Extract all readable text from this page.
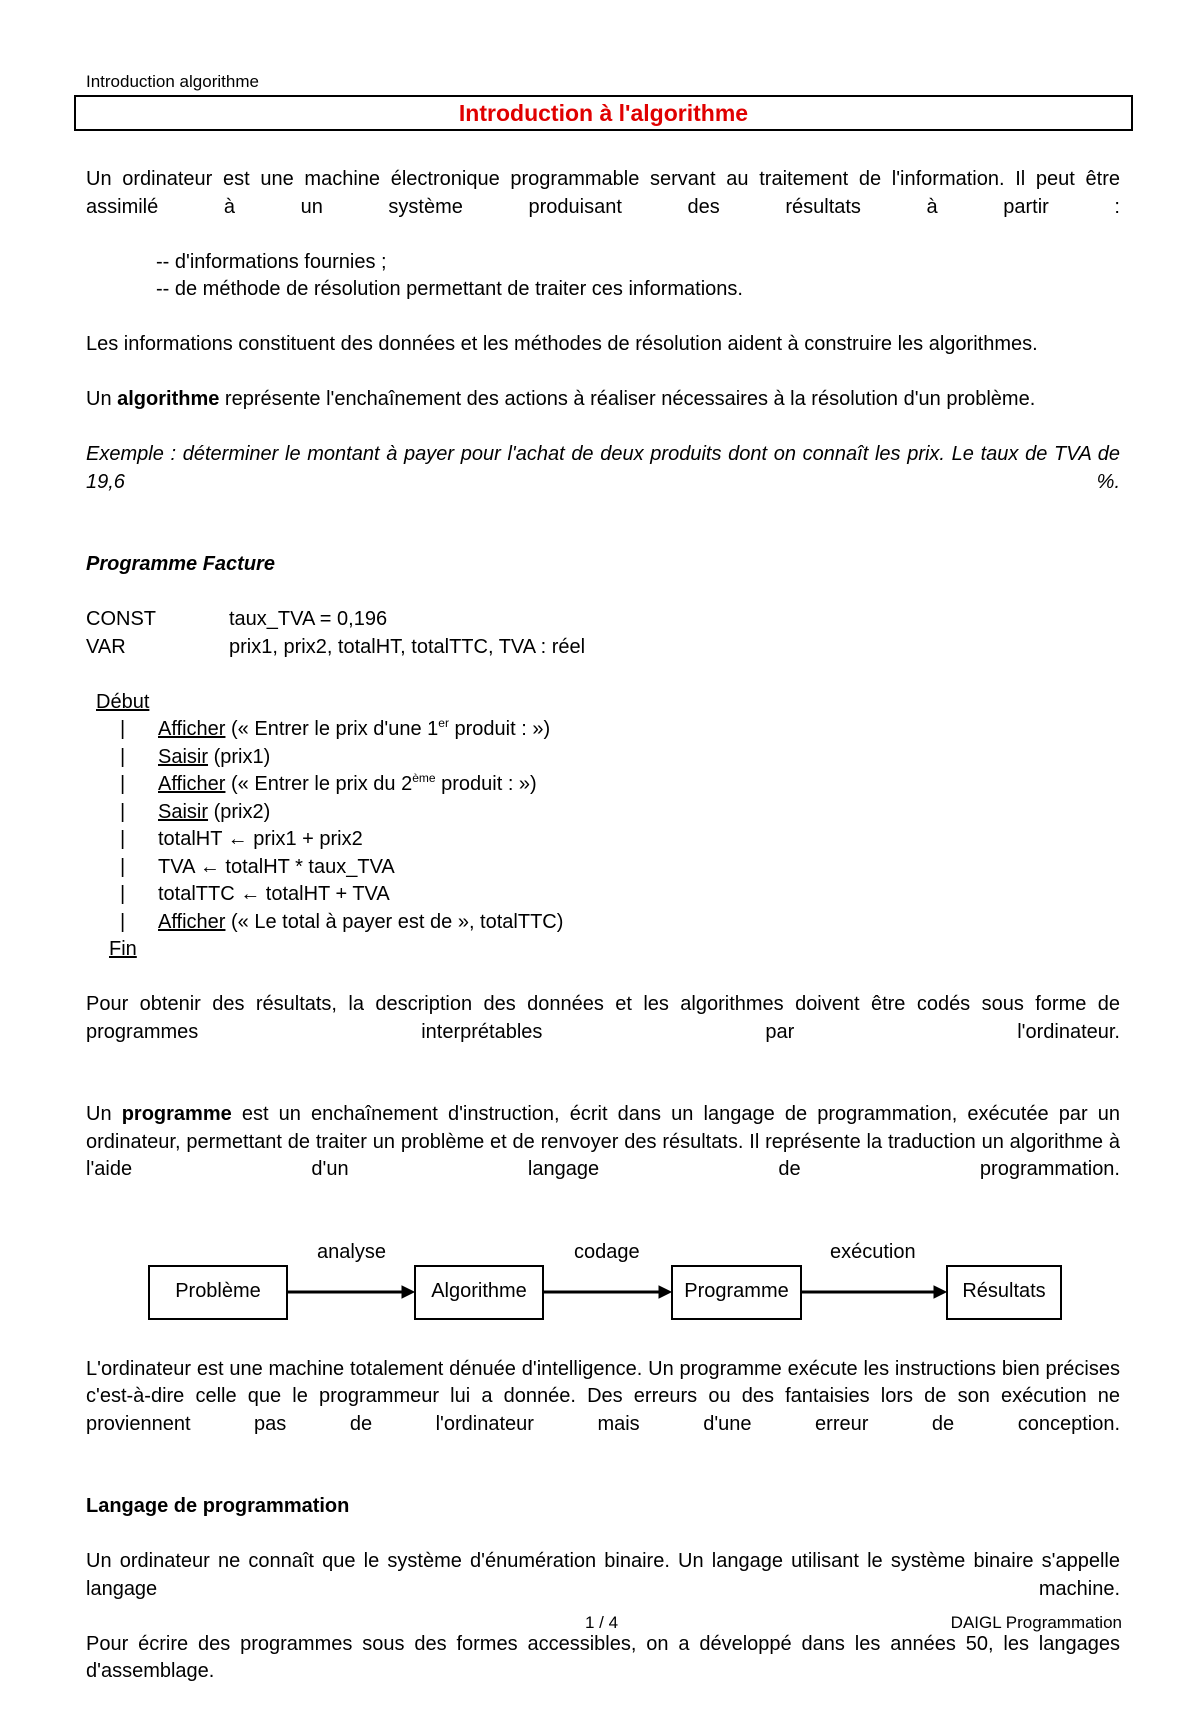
Introduction algorithme
Introduction à l'algorithme

Un ordinateur est une machine électronique programmable servant au traitement de l'information. Il peut être assimilé à un système produisant des résultats à partir :

-- d'informations fournies ;

-- de méthode de résolution permettant de traiter ces informations.

Les informations constituent des données et les méthodes de résolution aident à construire les algorithmes.

Un algorithme représente l'enchaînement des actions à réaliser nécessaires à la résolution d'un problème.

Exemple : déterminer le montant à payer pour l'achat de deux produits dont on connaît les prix. Le taux de TVA de 19,6 %.

Programme Facture

CONST	taux_TVA = 0,196
VAR	prix1, prix2, totalHT, totalTTC, TVA : réel

Début

|	Afficher (« Entrer le prix d'une 1er produit : »)
|	Saisir (prix1)
|	Afficher (« Entrer le prix du 2ème produit : »)
|	Saisir (prix2)
|	totalHT ← prix1 + prix2
|	TVA ← totalHT * taux_TVA
|	totalTTC ← totalHT + TVA
|	Afficher (« Le total à payer est de », totalTTC)

Fin

Pour obtenir des résultats, la description des données et les algorithmes doivent être codés sous forme de programmes interprétables par l'ordinateur.

Un programme est un enchaînement d'instruction, écrit dans un langage de programmation, exécutée par un ordinateur, permettant de traiter un problème et de renvoyer des résultats. Il représente la traduction un algorithme à l'aide d'un langage de programmation.

analyse	codage	exécution
Problème	Algorithme	Programme	Résultats

L'ordinateur est une machine totalement dénuée d'intelligence. Un programme exécute les instructions bien précises c'est-à-dire celle que le programmeur lui a donnée. Des erreurs ou des fantaisies lors de son exécution ne proviennent pas de l'ordinateur mais d'une erreur de conception.

Langage de programmation

Un ordinateur ne connaît que le système d'énumération binaire. Un langage utilisant le système binaire s'appelle langage machine.

Pour écrire des programmes sous des formes accessibles, on a développé dans les années 50, les langages d'assemblage.

1 / 4	DAIGL Programmation
